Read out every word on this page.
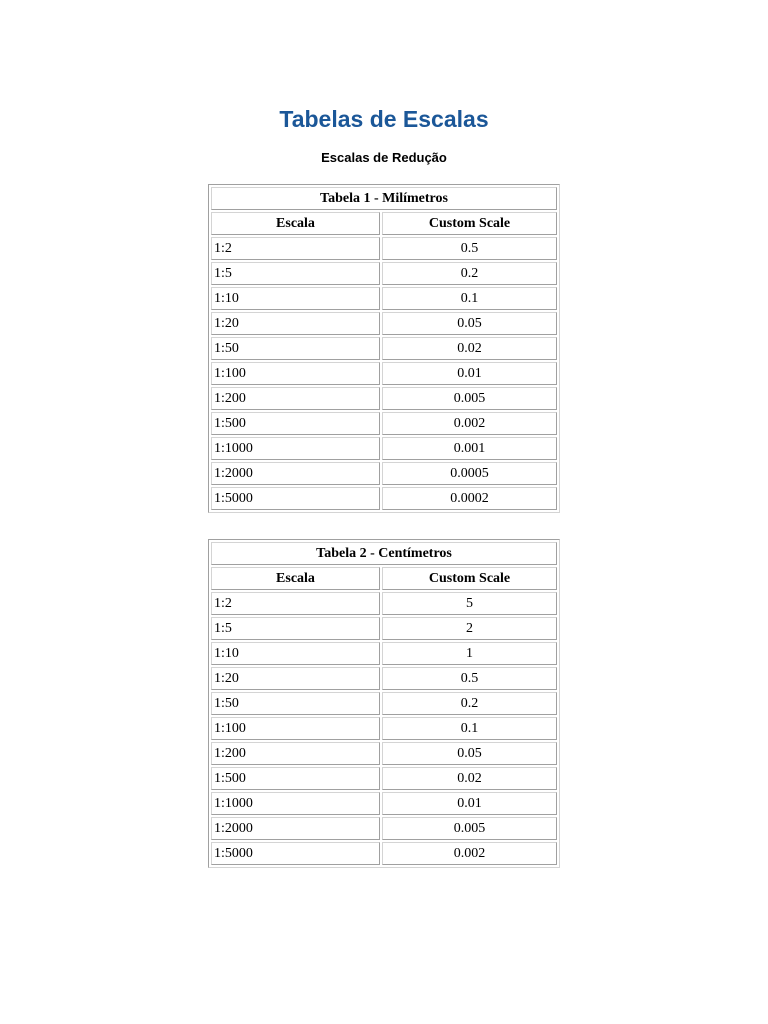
Tabelas de Escalas
Escalas de Redução
Tabela 1 - Milímetros	
Escala	Custom Scale
1:2	0.5
1:5	0.2
1:10	0.1
1:20	0.05
1:50	0.02
1:100	0.01
1:200	0.005
1:500	0.002
1:1000	0.001
1:2000	0.0005
1:5000	0.0002
Tabela 2 - Centímetros	
Escala	Custom Scale
1:2	5
1:5	2
1:10	1
1:20	0.5
1:50	0.2
1:100	0.1
1:200	0.05
1:500	0.02
1:1000	0.01
1:2000	0.005
1:5000	0.002
